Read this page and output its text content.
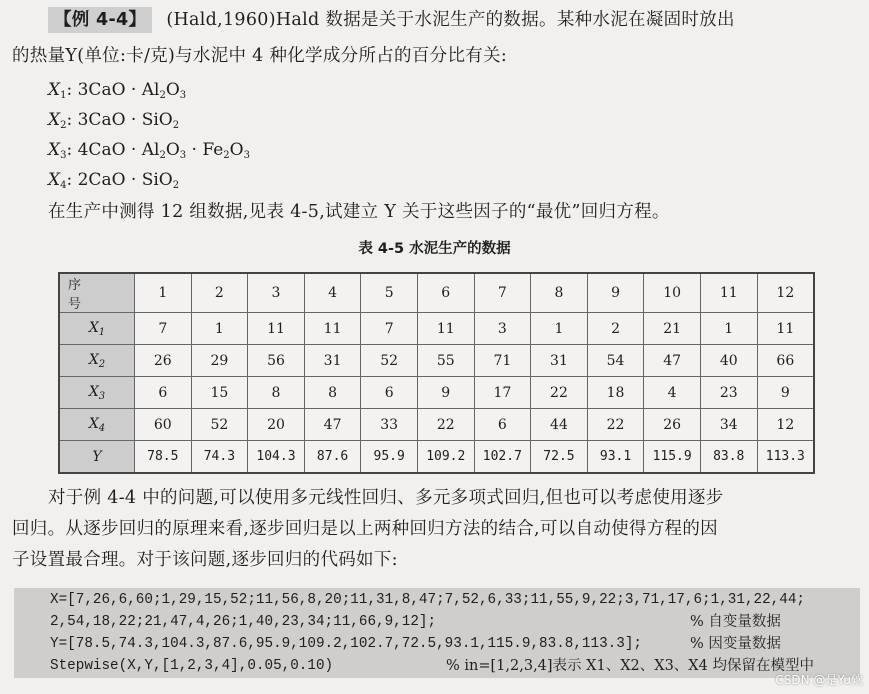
【例 4-4】 (Hald,1960)Hald 数据是关于水泥生产的数据。某种水泥在凝固时放出
的热量Y(单位:卡/克)与水泥中 4 种化学成分所占的百分比有关:
$X_1$: $3CaO \cdot Al_2O_3$
$X_2$: 3CaO · SiO$_2$
$X_3$: $4CaO \cdot Al_2O_3 \cdot Fe_2O_3$
$X_4$: 2CaO · SiO$_2$
在生产中测得 12 组数据,见表 4-5,试建立 Y 关于这些因子的“最优”回归方程。
表 4-5 水泥生产的数据
序 号	1	2	3	4	5	6	7	8	9	10	11	12
$X_1$	7	1	11	11	7	11	3	1	2	21	1	11
$X_2$	26	29	56	31	52	55	71	31	54	47	40	66
$X_3$	6	15	8	8	6	9	17	22	18	4	23	9
$X_4$	60	52	20	47	33	22	6	44	22	26	34	12
Y	78.5	74.3	104.3	87.6	95.9	109.2	102.7	72.5	93.1	115.9	83.8	113.3
对于例 4-4 中的问题,可以使用多元线性回归、多元多项式回归,但也可以考虑使用逐步
回归。从逐步回归的原理来看,逐步回归是以上两种回归方法的结合,可以自动使得方程的因
子设置最合理。对于该问题,逐步回归的代码如下:
X=[7,26,6,60;1,29,15,52;11,56,8,20;11,31,8,47;7,52,6,33;11,55,9,22;3,71,17,6;1,31,22,44;
2,54,18,22;21,47,4,26;1,40,23,34;11,66,9,12];	% 自变量数据
Y=[78.5,74.3,104.3,87.6,95.9,109.2,102.7,72.5,93.1,115.9,83.8,113.3];	% 因变量数据
Stepwise(X,Y,[1,2,3,4],0.05,0.10)	% in=[1,2,3,4]表示 X1、X2、X3、X4 均保留在模型中
CSDN @是Yu欸
